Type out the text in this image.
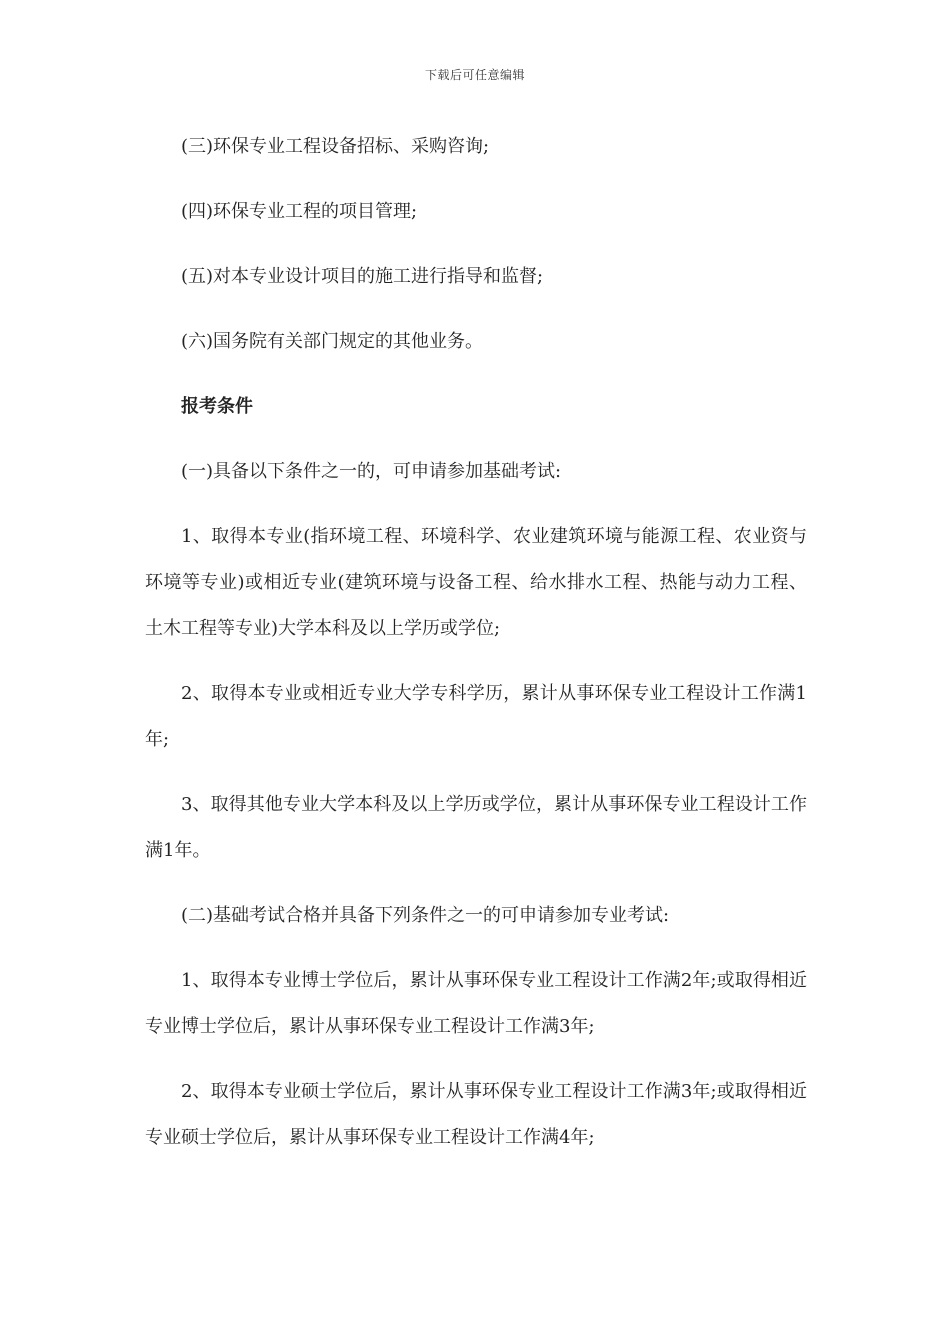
下载后可任意编辑

(三)环保专业工程设备招标、采购咨询;

(四)环保专业工程的项目管理;

(五)对本专业设计项目的施工进行指导和监督;

(六)国务院有关部门规定的其他业务。

报考条件

(一)具备以下条件之一的，可申请参加基础考试:

1、取得本专业(指环境工程、环境科学、农业建筑环境与能源工程、农业资与环境等专业)或相近专业(建筑环境与设备工程、给水排水工程、热能与动力工程、土木工程等专业)大学本科及以上学历或学位;

2、取得本专业或相近专业大学专科学历，累计从事环保专业工程设计工作满1年;

3、取得其他专业大学本科及以上学历或学位，累计从事环保专业工程设计工作满1年。

(二)基础考试合格并具备下列条件之一的可申请参加专业考试:

1、取得本专业博士学位后，累计从事环保专业工程设计工作满2年;或取得相近专业博士学位后，累计从事环保专业工程设计工作满3年;

2、取得本专业硕士学位后，累计从事环保专业工程设计工作满3年;或取得相近专业硕士学位后，累计从事环保专业工程设计工作满4年;
